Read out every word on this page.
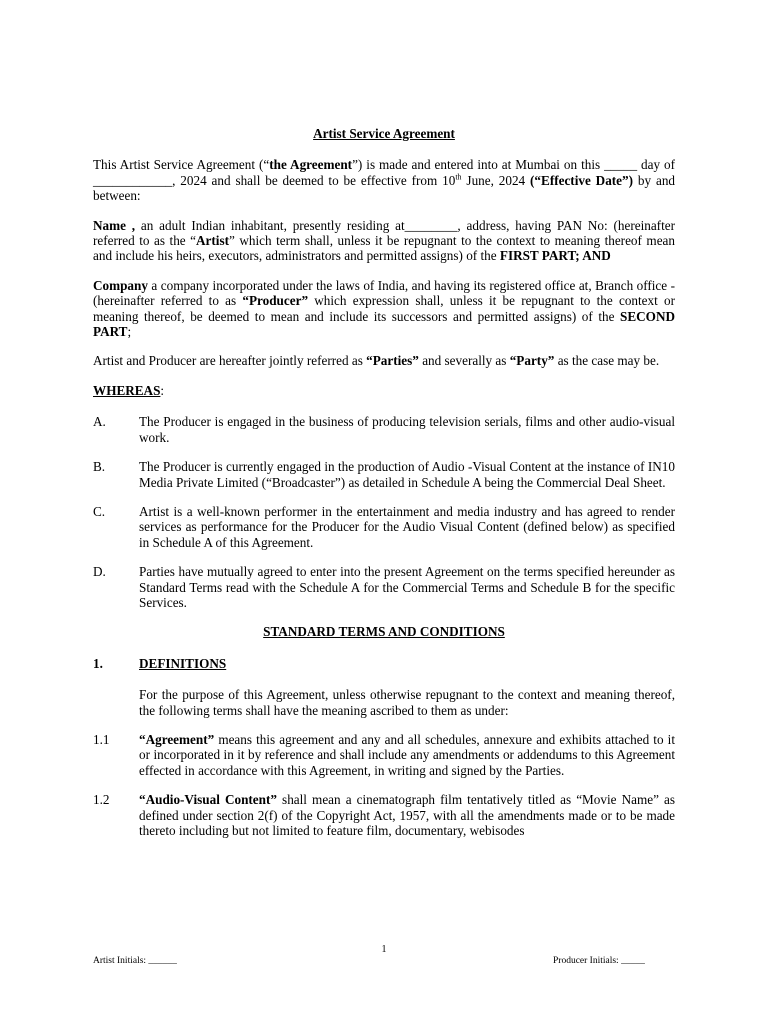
Artist Service Agreement
This Artist Service Agreement (“the Agreement”) is made and entered into at Mumbai on this _____ day of ____________, 2024 and shall be deemed to be effective from 10th June, 2024 (“Effective Date”) by and between:
Name , an adult Indian inhabitant, presently residing at________, address, having PAN No: (hereinafter referred to as the “Artist” which term shall, unless it be repugnant to the context to meaning thereof mean and include his heirs, executors, administrators and permitted assigns) of the FIRST PART; AND
Company a company incorporated under the laws of India, and having its registered office at, Branch office - (hereinafter referred to as “Producer” which expression shall, unless it be repugnant to the context or meaning thereof, be deemed to mean and include its successors and permitted assigns) of the SECOND PART;
Artist and Producer are hereafter jointly referred as “Parties” and severally as “Party” as the case may be.
WHEREAS:
A.	The Producer is engaged in the business of producing television serials, films and other audio-visual work.
B.	The Producer is currently engaged in the production of Audio -Visual Content at the instance of IN10 Media Private Limited (“Broadcaster”) as detailed in Schedule A being the Commercial Deal Sheet.
C.	Artist is a well-known performer in the entertainment and media industry and has agreed to render services as performance for the Producer for the Audio Visual Content (defined below) as specified in Schedule A of this Agreement.
D.	Parties have mutually agreed to enter into the present Agreement on the terms specified hereunder as Standard Terms read with the Schedule A for the Commercial Terms and Schedule B for the specific Services.
STANDARD TERMS AND CONDITIONS
1.	DEFINITIONS
For the purpose of this Agreement, unless otherwise repugnant to the context and meaning thereof, the following terms shall have the meaning ascribed to them as under:
1.1	“Agreement” means this agreement and any and all schedules, annexure and exhibits attached to it or incorporated in it by reference and shall include any amendments or addendums to this Agreement effected in accordance with this Agreement, in writing and signed by the Parties.
1.2	“Audio-Visual Content” shall mean a cinematograph film tentatively titled as “Movie Name” as defined under section 2(f) of the Copyright Act, 1957, with all the amendments made or to be made thereto including but not limited to feature film, documentary, webisodes
1
Artist Initials: ______	Producer Initials: _____
